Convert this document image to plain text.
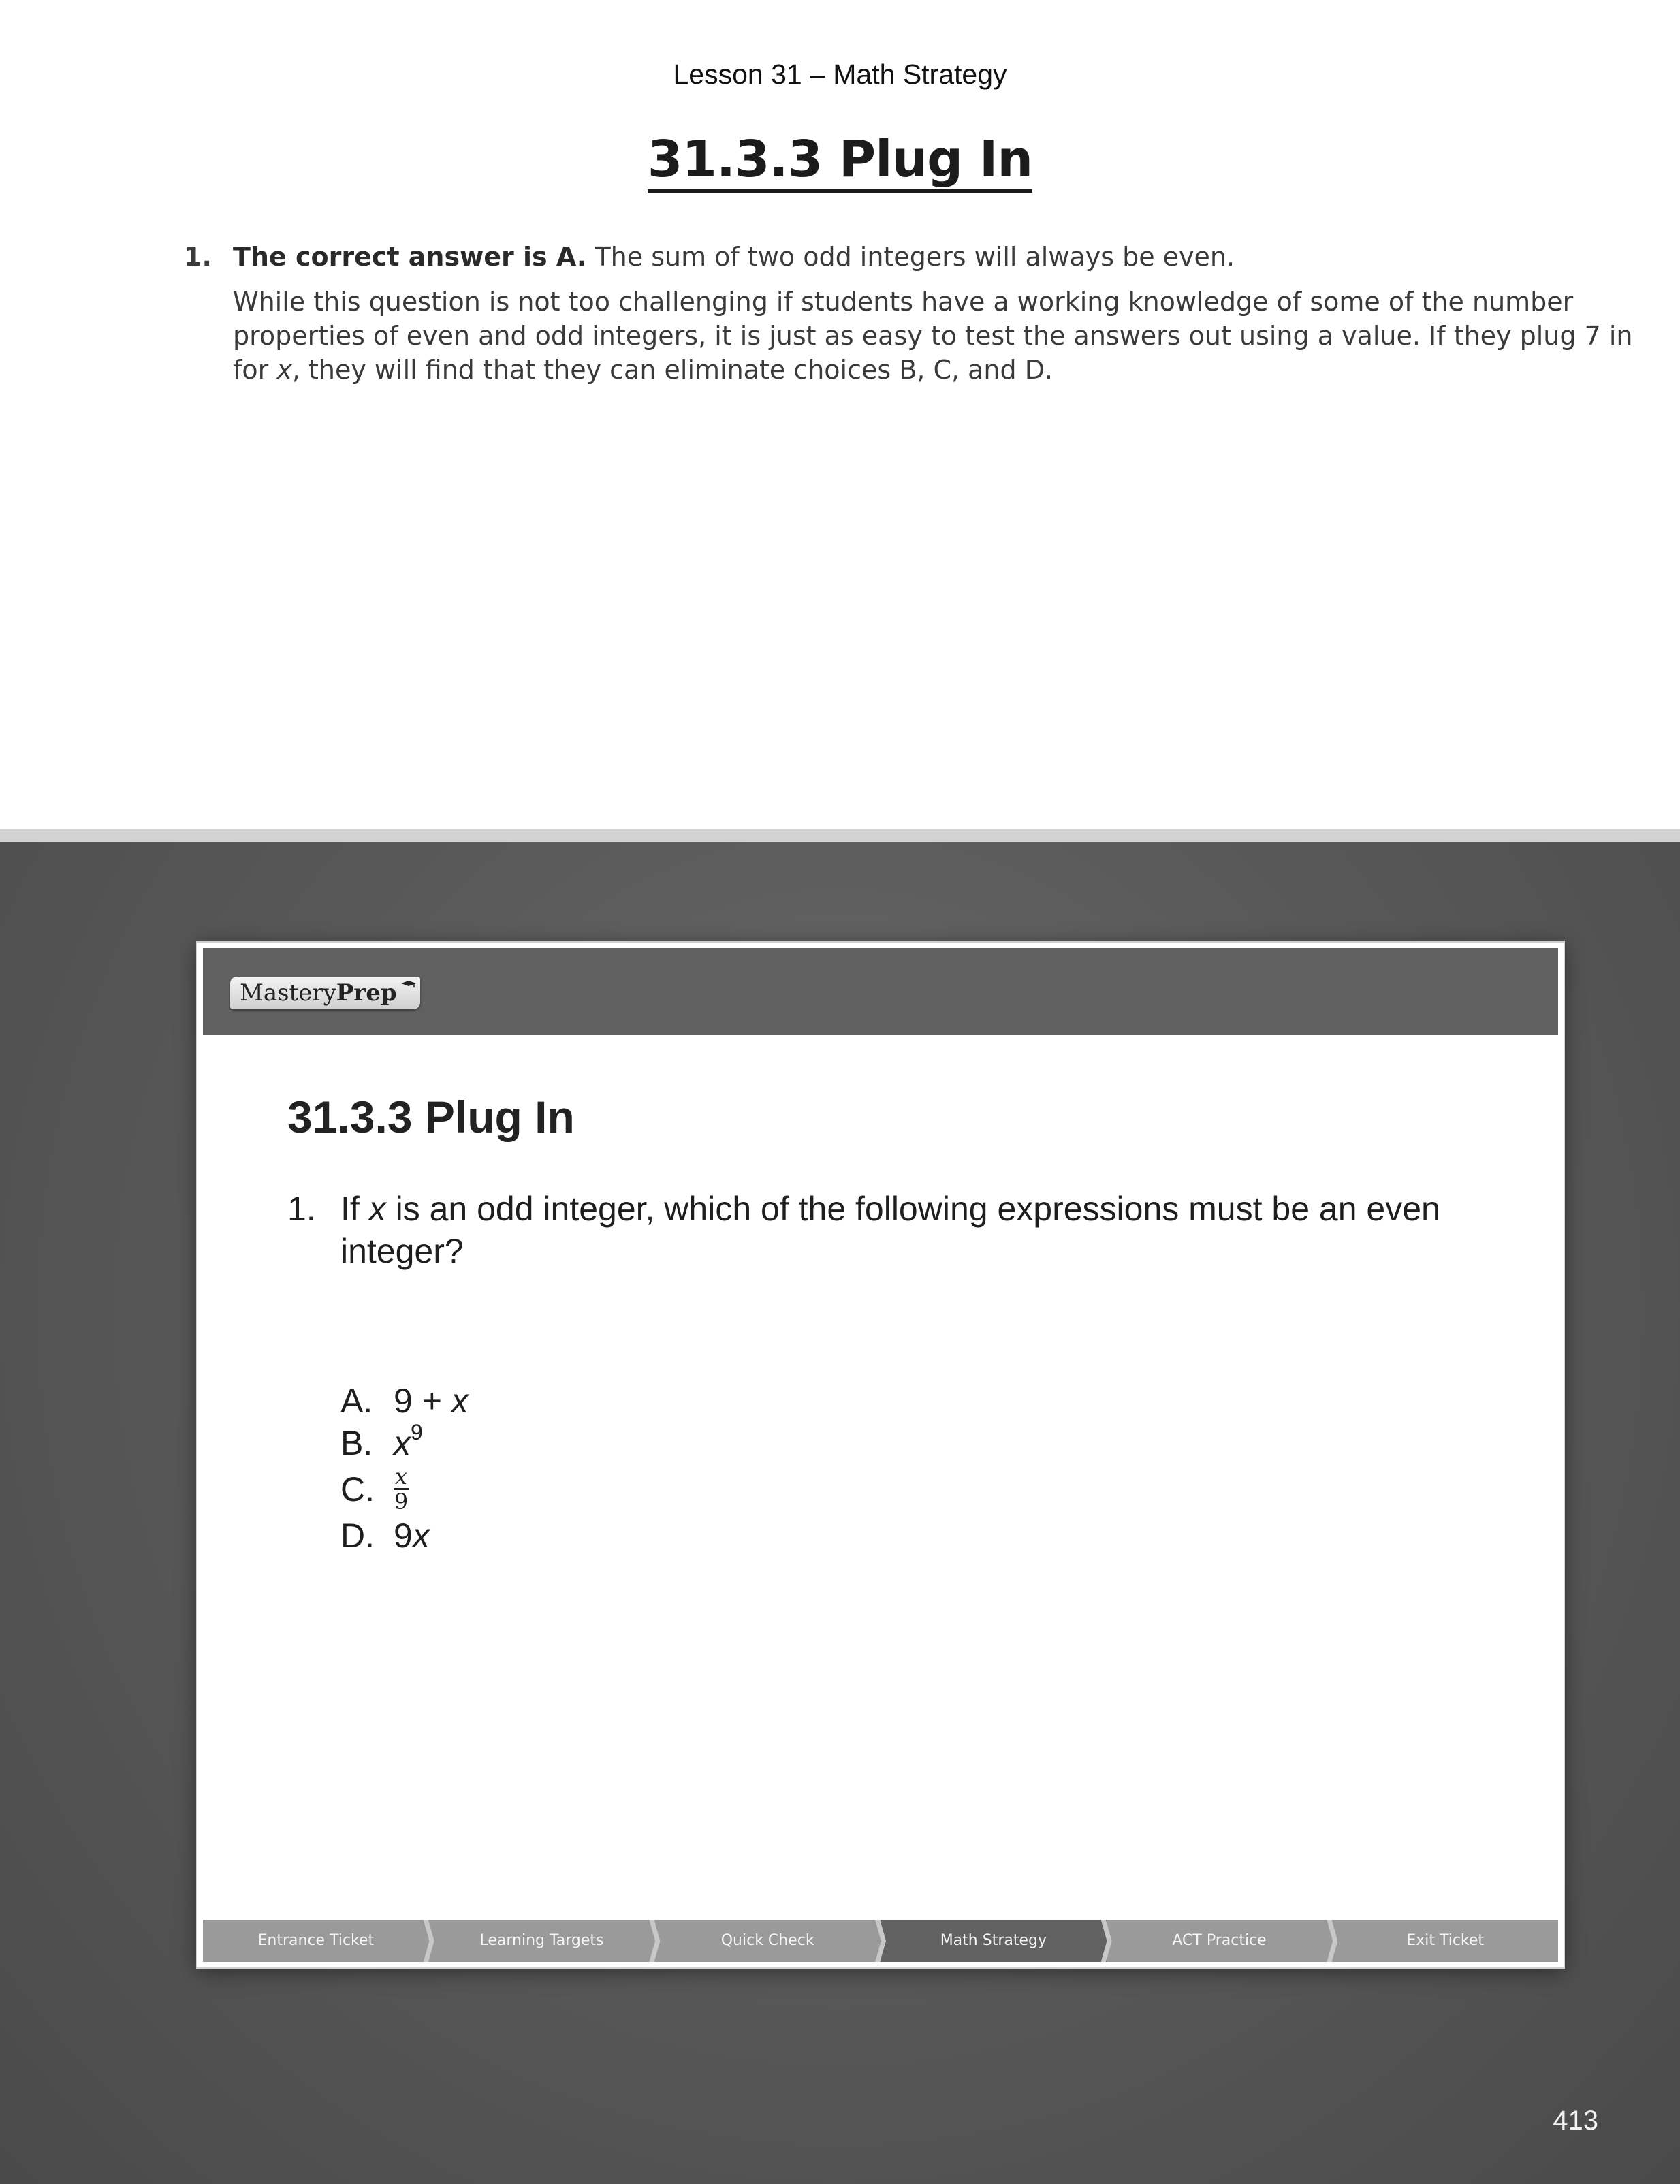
Lesson 31 – Math Strategy
31.3.3 Plug In
1. The correct answer is A. The sum of two odd integers will always be even.
While this question is not too challenging if students have a working knowledge of some of the number properties of even and odd integers, it is just as easy to test the answers out using a value. If they plug 7 in for x, they will find that they can eliminate choices B, C, and D.
MasteryPrep
31.3.3 Plug In
1. If x is an odd integer, which of the following expressions must be an even integer?
A. 9 + x
B. $x^9$
C. $\frac{x}{9}$
D. 9x
Entrance Ticket	Learning Targets	Quick Check	Math Strategy	ACT Practice	Exit Ticket
413
